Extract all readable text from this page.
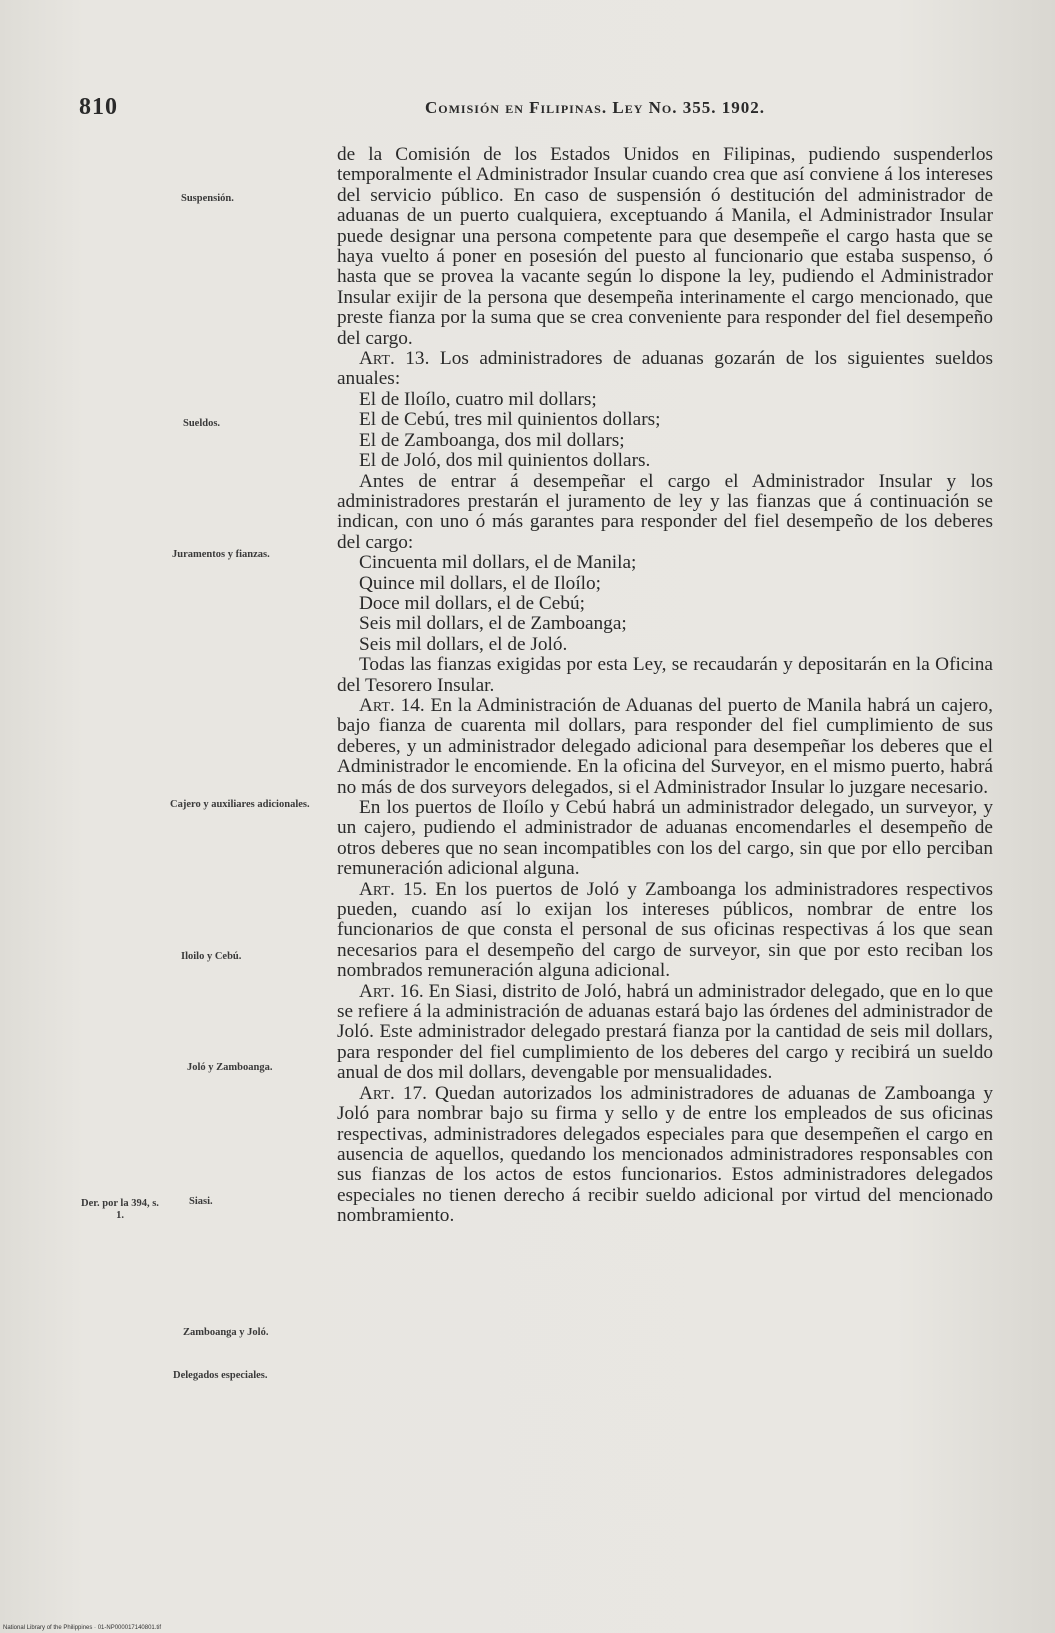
810	Comisión en Filipinas. Ley No. 355. 1902.
Suspensión.
Sueldos.
Juramentos y fianzas.
Cajero y auxiliares adicionales.
Iloilo y Cebú.
Joló y Zamboanga.
Der. por la 394, s. 1.
Siasi.
Zamboanga y Joló.
Delegados especiales.

de la Comisión de los Estados Unidos en Filipinas, pudiendo suspenderlos temporalmente el Administrador Insular cuando crea que así conviene á los intereses del servicio público. En caso de suspensión ó destitución del administrador de aduanas de un puerto cualquiera, exceptuando á Manila, el Administrador Insular puede designar una persona competente para que desempeñe el cargo hasta que se haya vuelto á poner en posesión del puesto al funcionario que estaba suspenso, ó hasta que se provea la vacante según lo dispone la ley, pudiendo el Administrador Insular exijir de la persona que desempeña interinamente el cargo mencionado, que preste fianza por la suma que se crea conveniente para responder del fiel desempeño del cargo.

Art. 13. Los administradores de aduanas gozarán de los siguientes sueldos anuales:

El de Iloílo, cuatro mil dollars;

El de Cebú, tres mil quinientos dollars;

El de Zamboanga, dos mil dollars;

El de Joló, dos mil quinientos dollars.

Antes de entrar á desempeñar el cargo el Administrador Insular y los administradores prestarán el juramento de ley y las fianzas que á continuación se indican, con uno ó más garantes para responder del fiel desempeño de los deberes del cargo:

Cincuenta mil dollars, el de Manila;

Quince mil dollars, el de Iloílo;

Doce mil dollars, el de Cebú;

Seis mil dollars, el de Zamboanga;

Seis mil dollars, el de Joló.

Todas las fianzas exigidas por esta Ley, se recaudarán y depositarán en la Oficina del Tesorero Insular.

Art. 14. En la Administración de Aduanas del puerto de Manila habrá un cajero, bajo fianza de cuarenta mil dollars, para responder del fiel cumplimiento de sus deberes, y un administrador delegado adicional para desempeñar los deberes que el Administrador le encomiende. En la oficina del Surveyor, en el mismo puerto, habrá no más de dos surveyors delegados, si el Administrador Insular lo juzgare necesario.

En los puertos de Iloílo y Cebú habrá un administrador delegado, un surveyor, y un cajero, pudiendo el administrador de aduanas encomendarles el desempeño de otros deberes que no sean incompatibles con los del cargo, sin que por ello perciban remuneración adicional alguna.

Art. 15. En los puertos de Joló y Zamboanga los administradores respectivos pueden, cuando así lo exijan los intereses públicos, nombrar de entre los funcionarios de que consta el personal de sus oficinas respectivas á los que sean necesarios para el desempeño del cargo de surveyor, sin que por esto reciban los nombrados remuneración alguna adicional.

Art. 16. En Siasi, distrito de Joló, habrá un administrador delegado, que en lo que se refiere á la administración de aduanas estará bajo las órdenes del administrador de Joló. Este administrador delegado prestará fianza por la cantidad de seis mil dollars, para responder del fiel cumplimiento de los deberes del cargo y recibirá un sueldo anual de dos mil dollars, devengable por mensualidades.

Art. 17. Quedan autorizados los administradores de aduanas de Zamboanga y Joló para nombrar bajo su firma y sello y de entre los empleados de sus oficinas respectivas, administradores delegados especiales para que desempeñen el cargo en ausencia de aquellos, quedando los mencionados administradores responsables con sus fianzas de los actos de estos funcionarios. Estos administradores delegados especiales no tienen derecho á recibir sueldo adicional por virtud del mencionado nombramiento.

National Library of the Philippines · 01-NP000017140801.tif
